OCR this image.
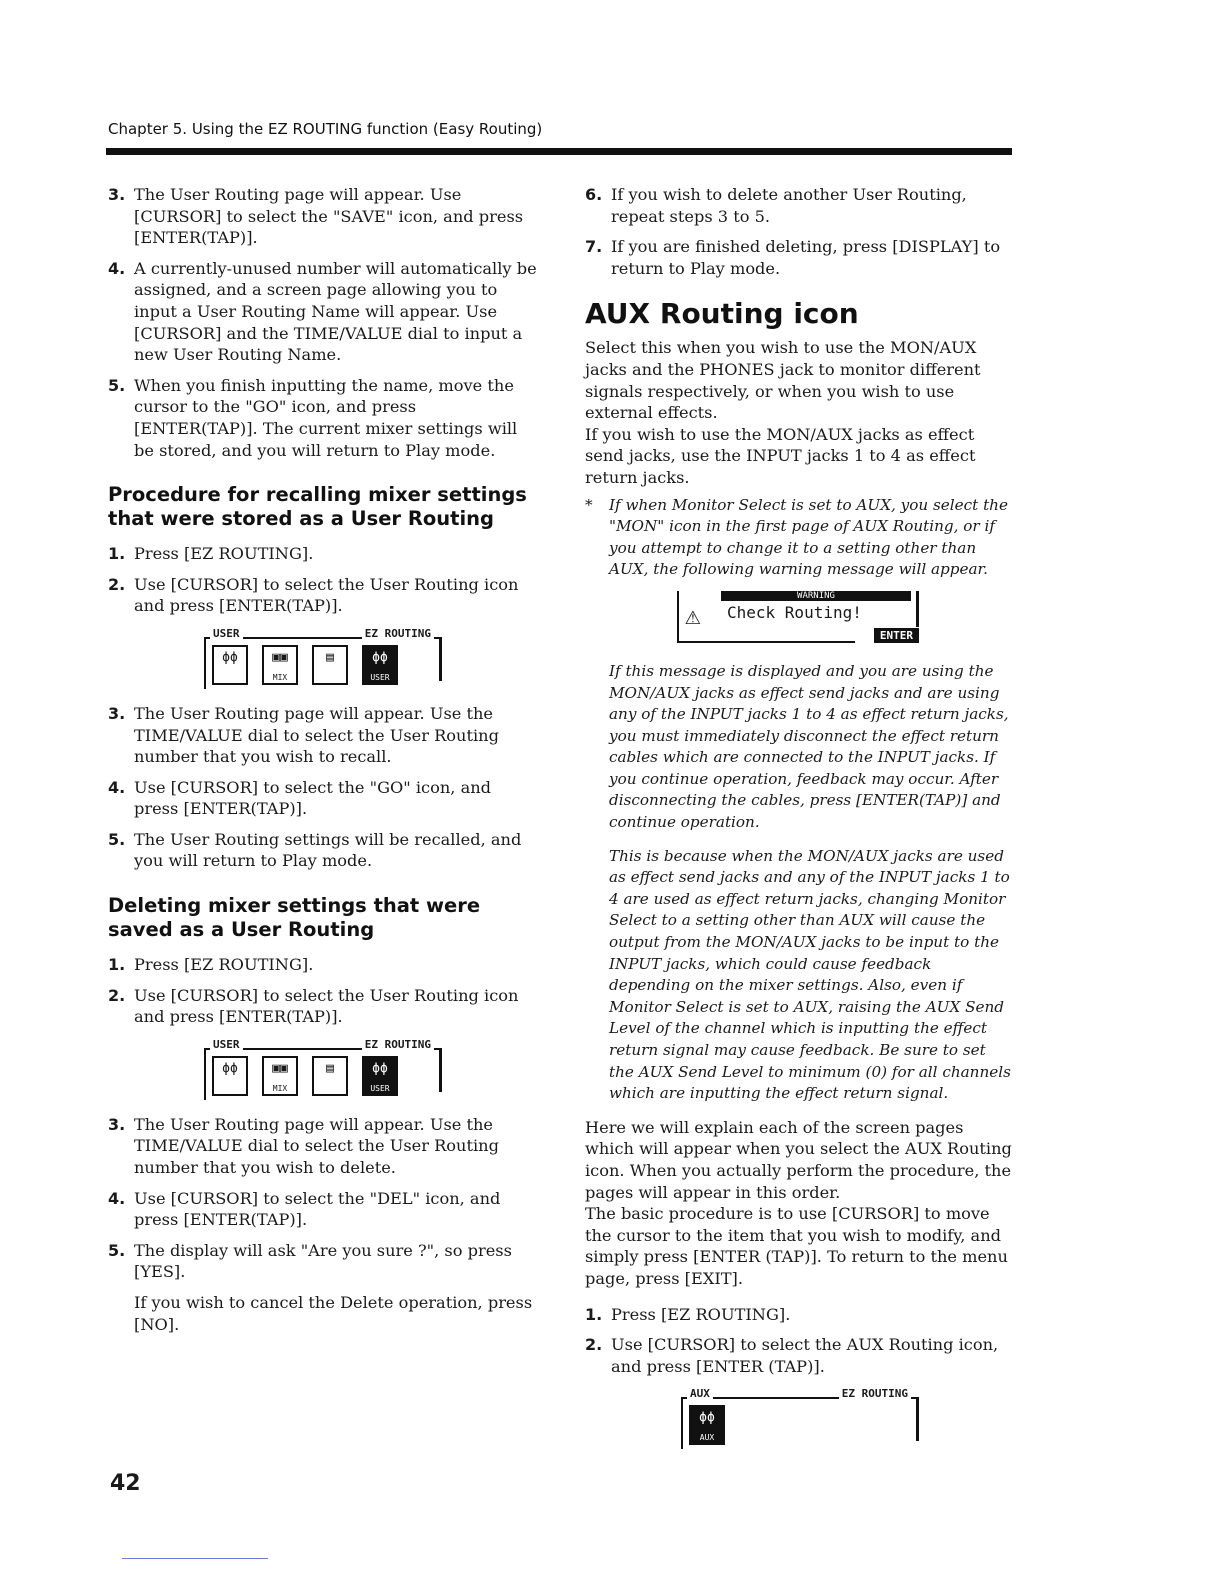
Chapter 5. Using the EZ ROUTING function (Easy Routing)
3. The User Routing page will appear. Use [CURSOR] to select the "SAVE" icon, and press [ENTER(TAP)].
4. A currently-unused number will automatically be assigned, and a screen page allowing you to input a User Routing Name will appear. Use [CURSOR] and the TIME/VALUE dial to input a new User Routing Name.
5. When you finish inputting the name, move the cursor to the "GO" icon, and press [ENTER(TAP)]. The current mixer settings will be stored, and you will return to Play mode.
Procedure for recalling mixer settings that were stored as a User Routing
1. Press [EZ ROUTING].
2. Use [CURSOR] to select the User Routing icon and press [ENTER(TAP)].
USER	EZ ROUTING
ϕϕ	▣▣
MIX
▤	ϕϕ
USER
3. The User Routing page will appear. Use the TIME/VALUE dial to select the User Routing number that you wish to recall.
4. Use [CURSOR] to select the "GO" icon, and press [ENTER(TAP)].
5. The User Routing settings will be recalled, and you will return to Play mode.
Deleting mixer settings that were saved as a User Routing
1. Press [EZ ROUTING].
2. Use [CURSOR] to select the User Routing icon and press [ENTER(TAP)].
USER	EZ ROUTING
ϕϕ	▣▣
MIX
▤	ϕϕ
USER
3. The User Routing page will appear. Use the TIME/VALUE dial to select the User Routing number that you wish to delete.
4. Use [CURSOR] to select the "DEL" icon, and press [ENTER(TAP)].
5. The display will ask "Are you sure ?", so press [YES].
If you wish to cancel the Delete operation, press [NO].
6. If you wish to delete another User Routing, repeat steps 3 to 5.
7. If you are finished deleting, press [DISPLAY] to return to Play mode.
AUX Routing icon

Select this when you wish to use the MON/AUX jacks and the PHONES jack to monitor different signals respectively, or when you wish to use external effects.

If you wish to use the MON/AUX jacks as effect send jacks, use the INPUT jacks 1 to 4 as effect return jacks.

* If when Monitor Select is set to AUX, you select the "MON" icon in the first page of AUX Routing, or if you attempt to change it to a setting other than AUX, the following warning message will appear.
WARNING
⚠ Check Routing!
ENTER

If this message is displayed and you are using the MON/AUX jacks as effect send jacks and are using any of the INPUT jacks 1 to 4 as effect return jacks, you must immediately disconnect the effect return cables which are connected to the INPUT jacks. If you continue operation, feedback may occur. After disconnecting the cables, press [ENTER(TAP)] and continue operation.

This is because when the MON/AUX jacks are used as effect send jacks and any of the INPUT jacks 1 to 4 are used as effect return jacks, changing Monitor Select to a setting other than AUX will cause the output from the MON/AUX jacks to be input to the INPUT jacks, which could cause feedback depending on the mixer settings. Also, even if Monitor Select is set to AUX, raising the AUX Send Level of the channel which is inputting the effect return signal may cause feedback. Be sure to set the AUX Send Level to minimum (0) for all channels which are inputting the effect return signal.

Here we will explain each of the screen pages which will appear when you select the AUX Routing icon. When you actually perform the procedure, the pages will appear in this order.

The basic procedure is to use [CURSOR] to move the cursor to the item that you wish to modify, and simply press [ENTER (TAP)]. To return to the menu page, press [EXIT].

1. Press [EZ ROUTING].
2. Use [CURSOR] to select the AUX Routing icon, and press [ENTER (TAP)].
AUX	EZ ROUTING
ϕϕ
AUX
42
